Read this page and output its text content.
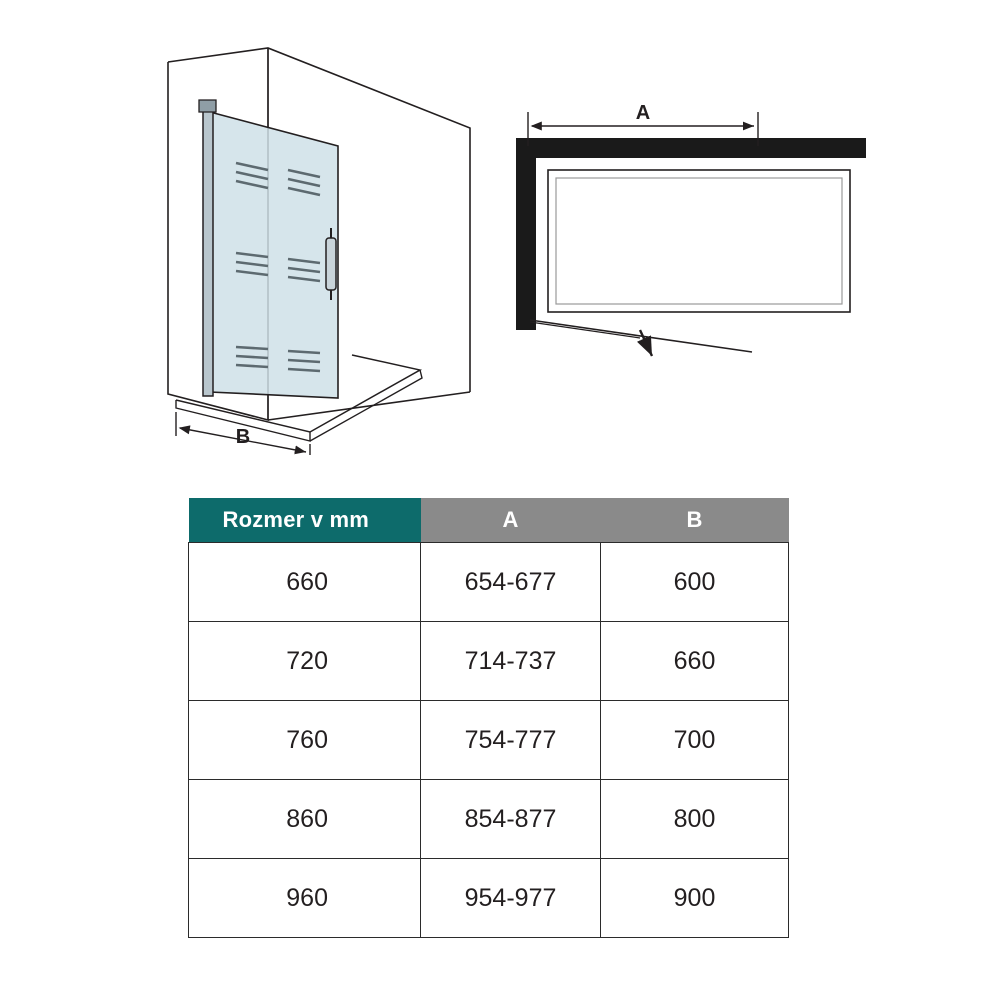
B
A
Rozmer v mm	A	B
660	654-677	600
720	714-737	660
760	754-777	700
860	854-877	800
960	954-977	900
